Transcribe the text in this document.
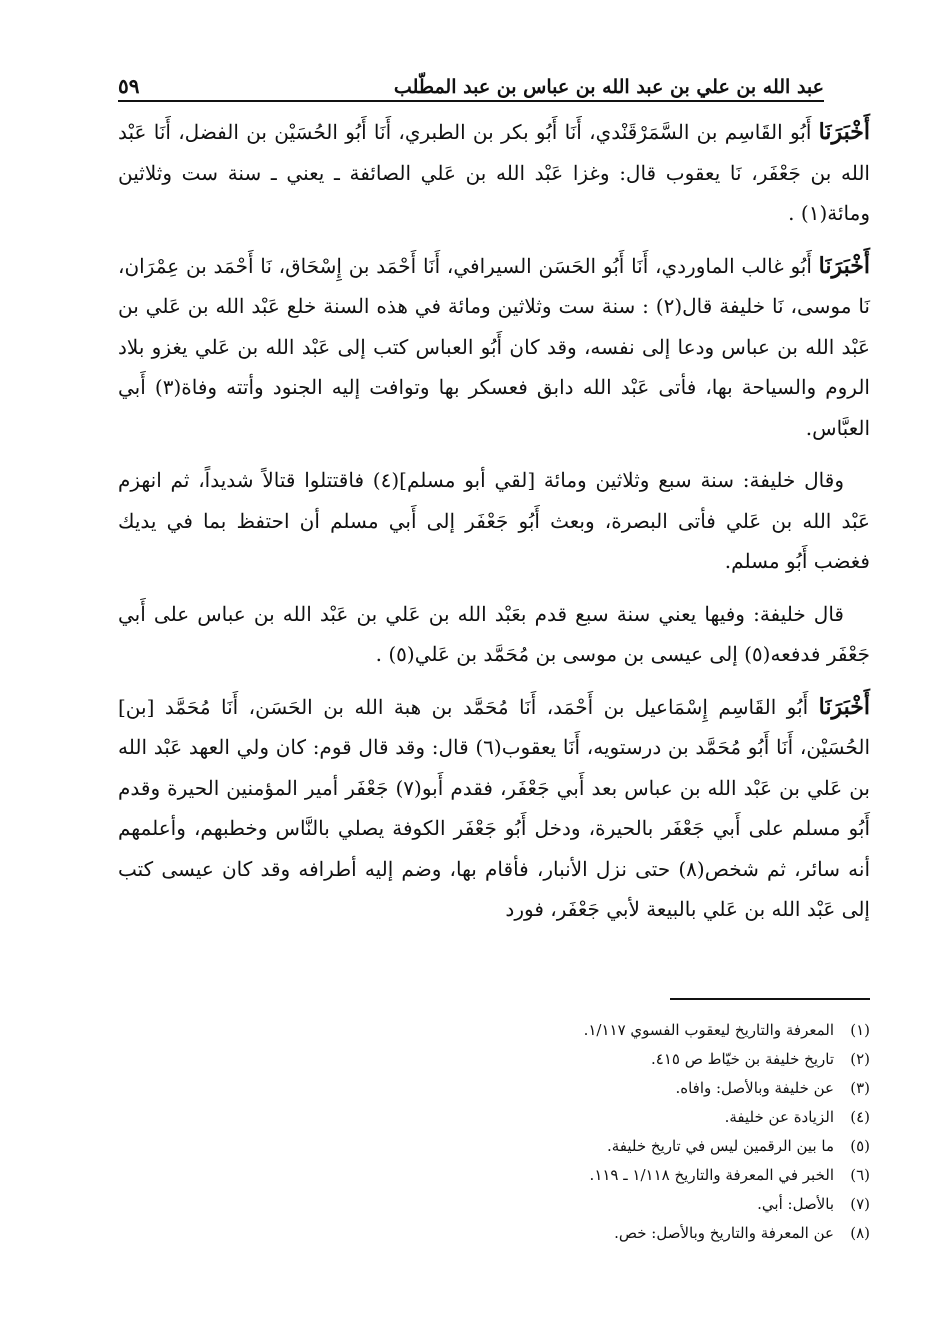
عبد الله بن علي بن عبد الله بن عباس بن عبد المطّلب
٥٩

أَخْبَرَنَا أَبُو القَاسِم بن السَّمَرْقَنْدي، أَنَا أَبُو بكر بن الطبري، أَنَا أَبُو الحُسَيْن بن الفضل، أَنَا عَبْد الله بن جَعْفَر، نَا يعقوب قال: وغزا عَبْد الله بن عَلي الصائفة ـ يعني ـ سنة ست وثلاثين ومائة(١) .

أَخْبَرَنَا أَبُو غالب الماوردي، أَنَا أَبُو الحَسَن السيرافي، أَنَا أَحْمَد بن إِسْحَاق، نَا أَحْمَد بن عِمْرَان، نَا موسى، نَا خليفة قال(٢) : سنة ست وثلاثين ومائة في هذه السنة خلع عَبْد الله بن عَلي بن عَبْد الله بن عباس ودعا إلى نفسه، وقد كان أَبُو العباس كتب إلى عَبْد الله بن عَلي يغزو بلاد الروم والسياحة بها، فأتى عَبْد الله دابق فعسكر بها وتوافت إليه الجنود وأتته وفاة(٣) أَبي العبَّاس.

وقال خليفة: سنة سبع وثلاثين ومائة [لقي أبو مسلم](٤) فاقتتلوا قتالاً شديداً، ثم انهزم عَبْد الله بن عَلي فأتى البصرة، وبعث أَبُو جَعْفَر إلى أَبي مسلم أن احتفظ بما في يديك فغضب أَبُو مسلم.

قال خليفة: وفيها يعني سنة سبع قدم بعَبْد الله بن عَلي بن عَبْد الله بن عباس على أَبي جَعْفَر فدفعه(٥) إلى عيسى بن موسى بن مُحَمَّد بن عَلي(٥) .

أَخْبَرَنَا أَبُو القَاسِم إِسْمَاعيل بن أَحْمَد، أَنَا مُحَمَّد بن هبة الله بن الحَسَن، أَنَا مُحَمَّد [بن] الحُسَيْن، أَنَا أَبُو مُحَمَّد بن درستويه، أَنَا يعقوب(٦) قال: وقد قال قوم: كان ولي العهد عَبْد الله بن عَلي بن عَبْد الله بن عباس بعد أَبي جَعْفَر، فقدم أَبو(٧) جَعْفَر أمير المؤمنين الحيرة وقدم أَبُو مسلم على أَبي جَعْفَر بالحيرة، ودخل أَبُو جَعْفَر الكوفة يصلي بالنَّاس وخطبهم، وأعلمهم أنه سائر، ثم شخص(٨) حتى نزل الأنبار، فأقام بها، وضم إليه أطرافه وقد كان عيسى كتب إلى عَبْد الله بن عَلي بالبيعة لأبي جَعْفَر، فورد

(١)
المعرفة والتاريخ ليعقوب الفسوي ١/١١٧.
(٢)
تاريخ خليفة بن خيّاط ص ٤١٥.
(٣)
عن خليفة وبالأصل: وافاه.
(٤)
الزيادة عن خليفة.
(٥)
ما بين الرقمين ليس في تاريخ خليفة.
(٦)
الخبر في المعرفة والتاريخ ١/١١٨ ـ ١١٩.
(٧)
بالأصل: أبي.
(٨)
عن المعرفة والتاريخ وبالأصل: خص.
